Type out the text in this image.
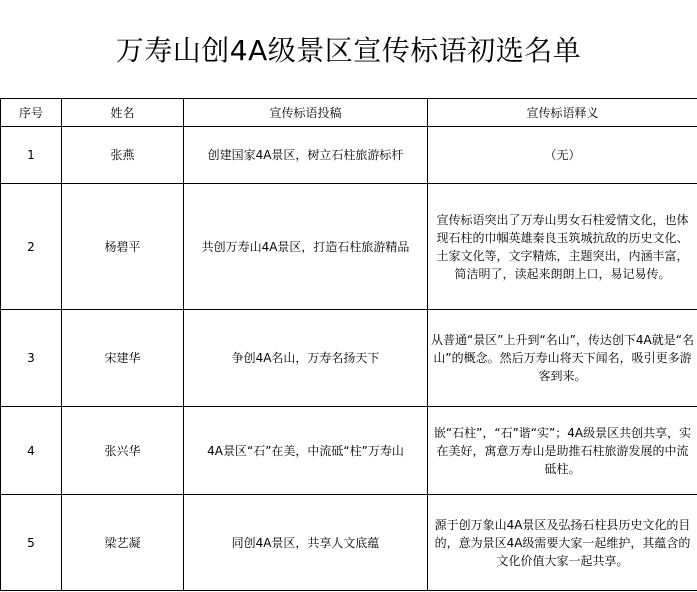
万寿山创4A级景区宣传标语初选名单
序号	姓名	宣传标语投稿	宣传标语释义
1	张燕	创建国家4A景区，树立石柱旅游标杆	（无）
2	杨碧平	共创万寿山4A景区，打造石柱旅游精品	宣传标语突出了万寿山男女石柱爱情文化，也体现石柱的巾帼英雄秦良玉筑城抗敌的历史文化、土家文化等，文字精炼，主题突出，内涵丰富，简洁明了，读起来朗朗上口，易记易传。
3	宋建华	争创4A名山，万寿名扬天下	从普通“景区”上升到“名山”，传达创下4A就是“名山”的概念。然后万寿山将天下闻名，吸引更多游客到来。
4	张兴华	4A景区“石”在美，中流砥“柱”万寿山	嵌“石柱”，“石”谐“实”；4A级景区共创共享，实在美好，寓意万寿山是助推石柱旅游发展的中流砥柱。
5	梁艺凝	同创4A景区，共享人文底蕴	源于创万象山4A景区及弘扬石柱县历史文化的目的，意为景区4A级需要大家一起维护，其蕴含的文化价值大家一起共享。
